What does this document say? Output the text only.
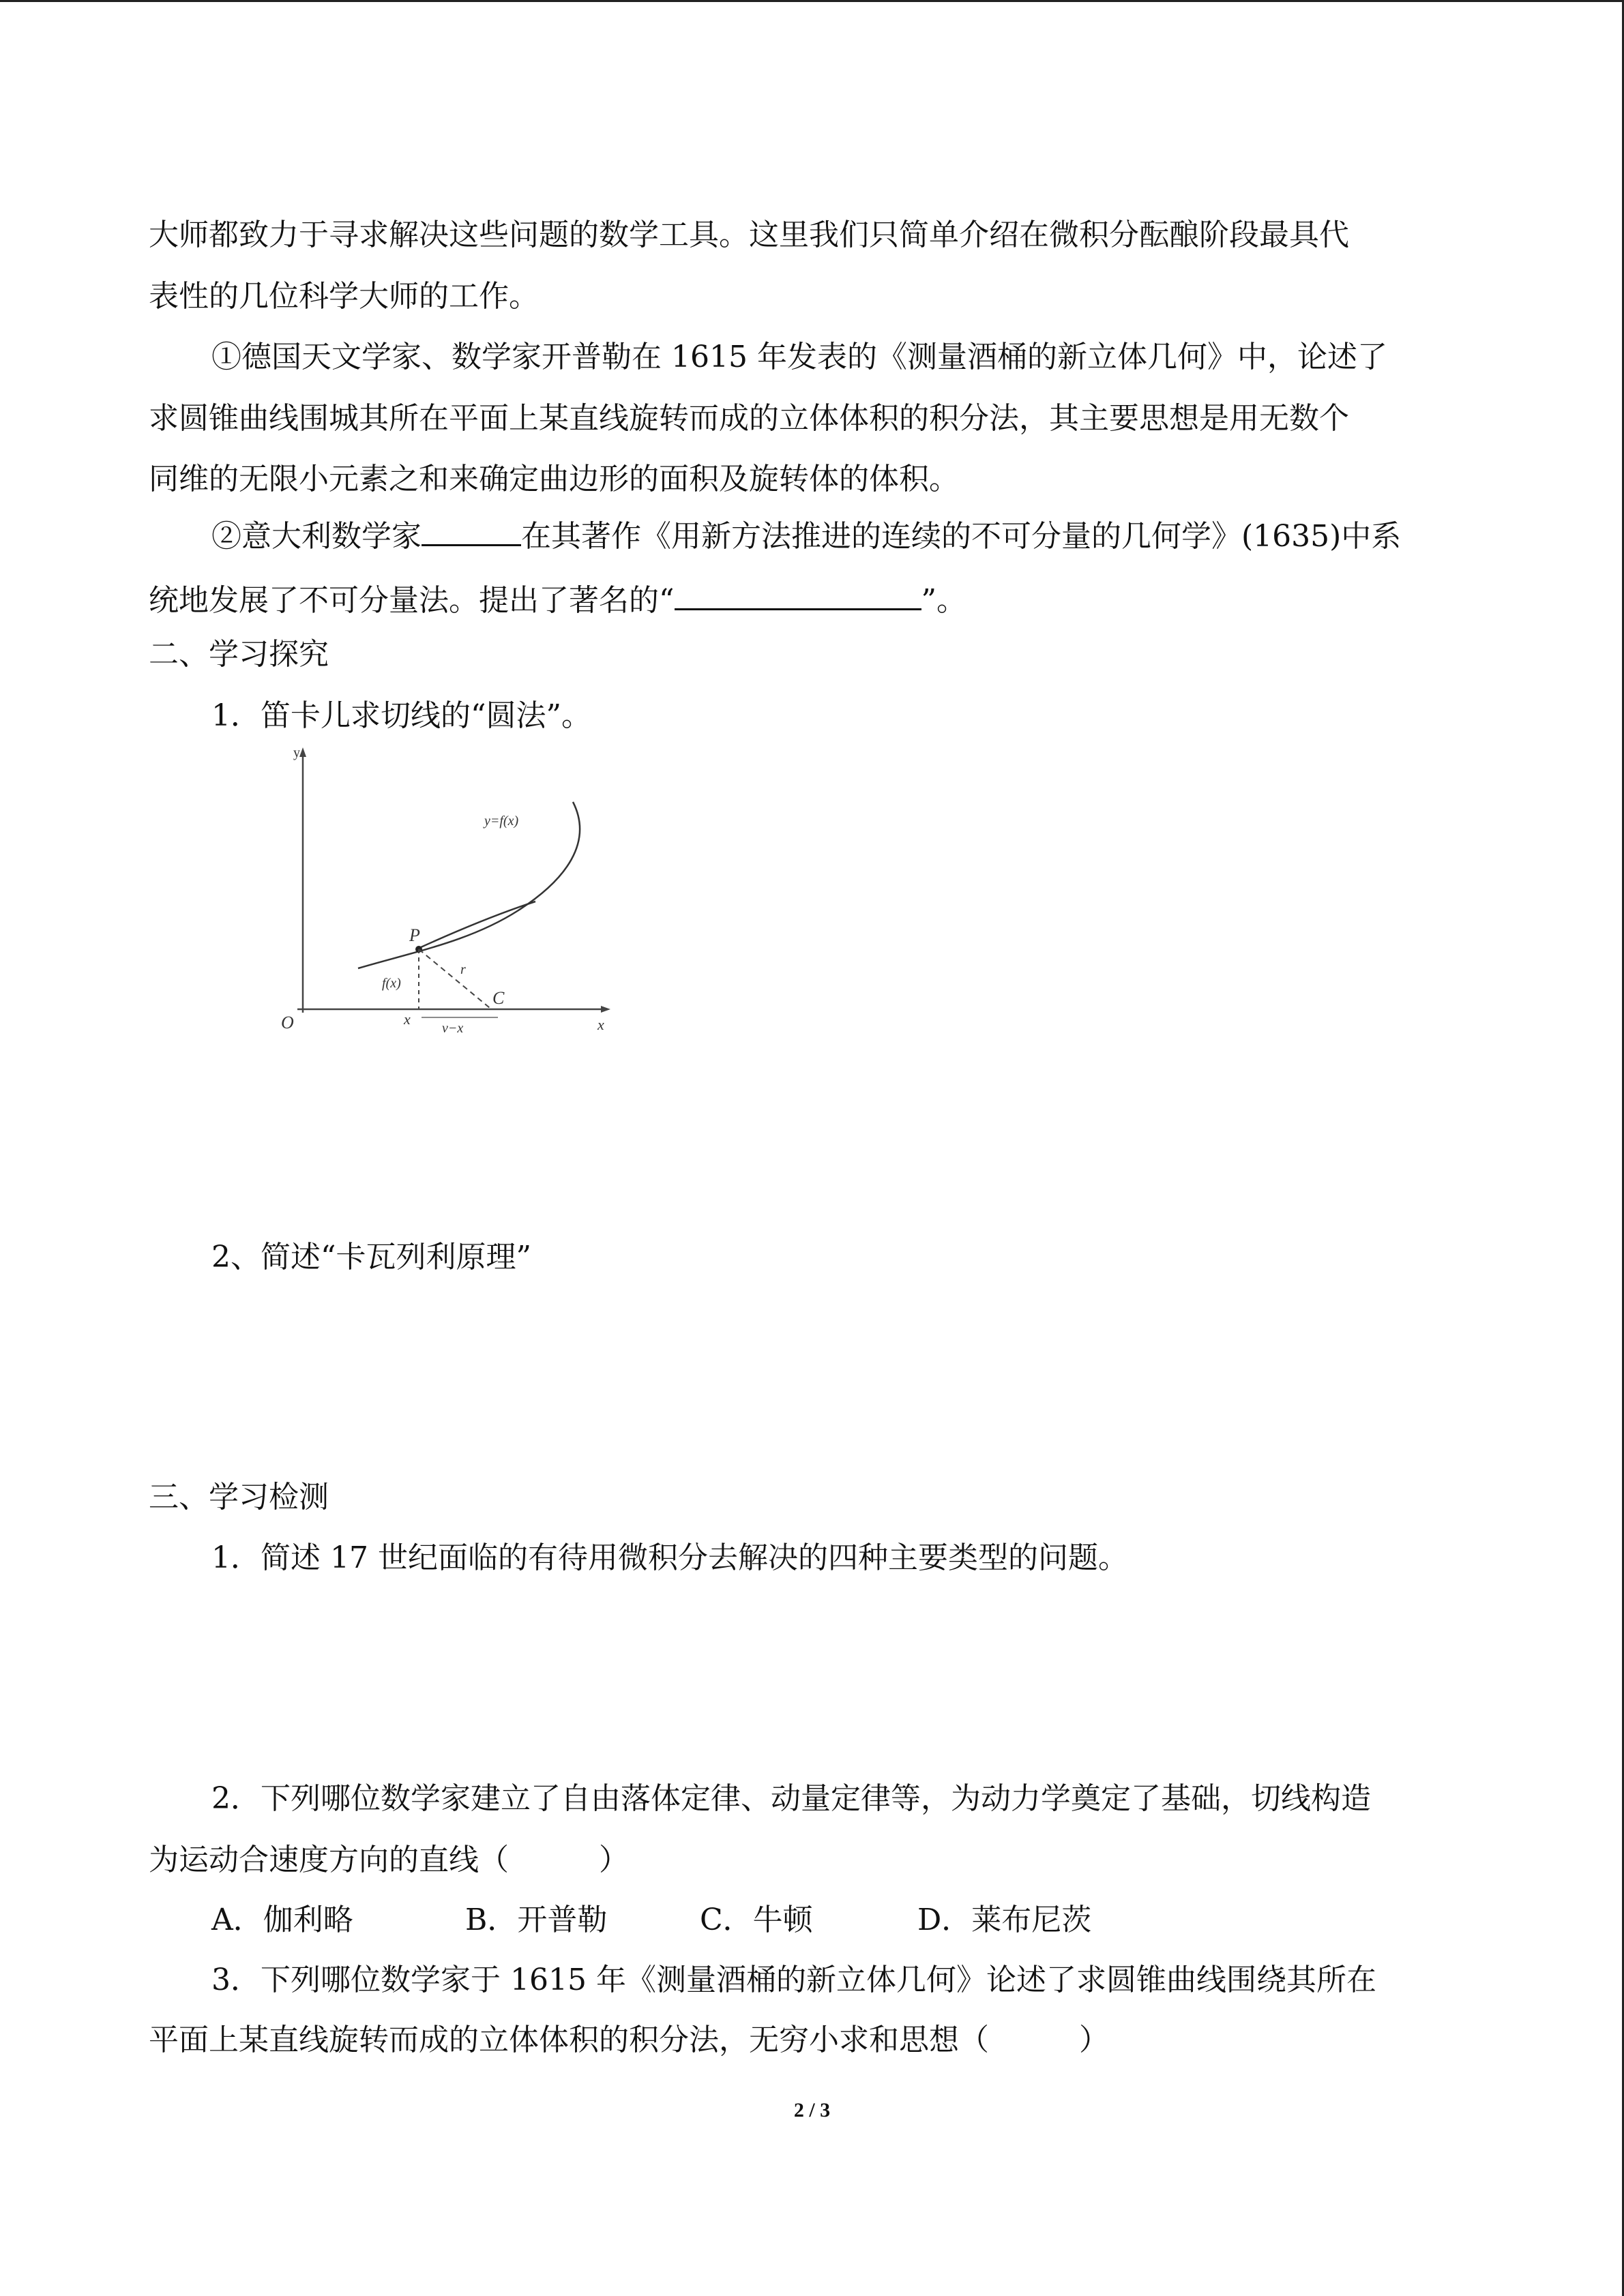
大师都致力于寻求解决这些问题的数学工具。这里我们只简单介绍在微积分酝酿阶段最具代
表性的几位科学大师的工作。
①德国天文学家、数学家开普勒在 1615 年发表的《测量酒桶的新立体几何》中，论述了
求圆锥曲线围城其所在平面上某直线旋转而成的立体体积的积分法，其主要思想是用无数个
同维的无限小元素之和来确定曲边形的面积及旋转体的体积。
②意大利数学家	在其著作《用新方法推进的连续的不可分量的几何学》(1635)中系
统地发展了不可分量法。提出了著名的“	”。
二、学习探究
1．笛卡儿求切线的“圆法”。
y
x
O
y=f(x)
P
r
f(x)
C
x
v−x
2、简述“卡瓦列利原理”
三、学习检测
1．简述 17 世纪面临的有待用微积分去解决的四种主要类型的问题。
2．下列哪位数学家建立了自由落体定律、动量定律等，为动力学奠定了基础，切线构造
为运动合速度方向的直线（　　　）
A．伽利略	B．开普勒	C．牛顿	D．莱布尼茨
3．下列哪位数学家于 1615 年《测量酒桶的新立体几何》论述了求圆锥曲线围绕其所在
平面上某直线旋转而成的立体体积的积分法，无穷小求和思想（　　　）
2 / 3
